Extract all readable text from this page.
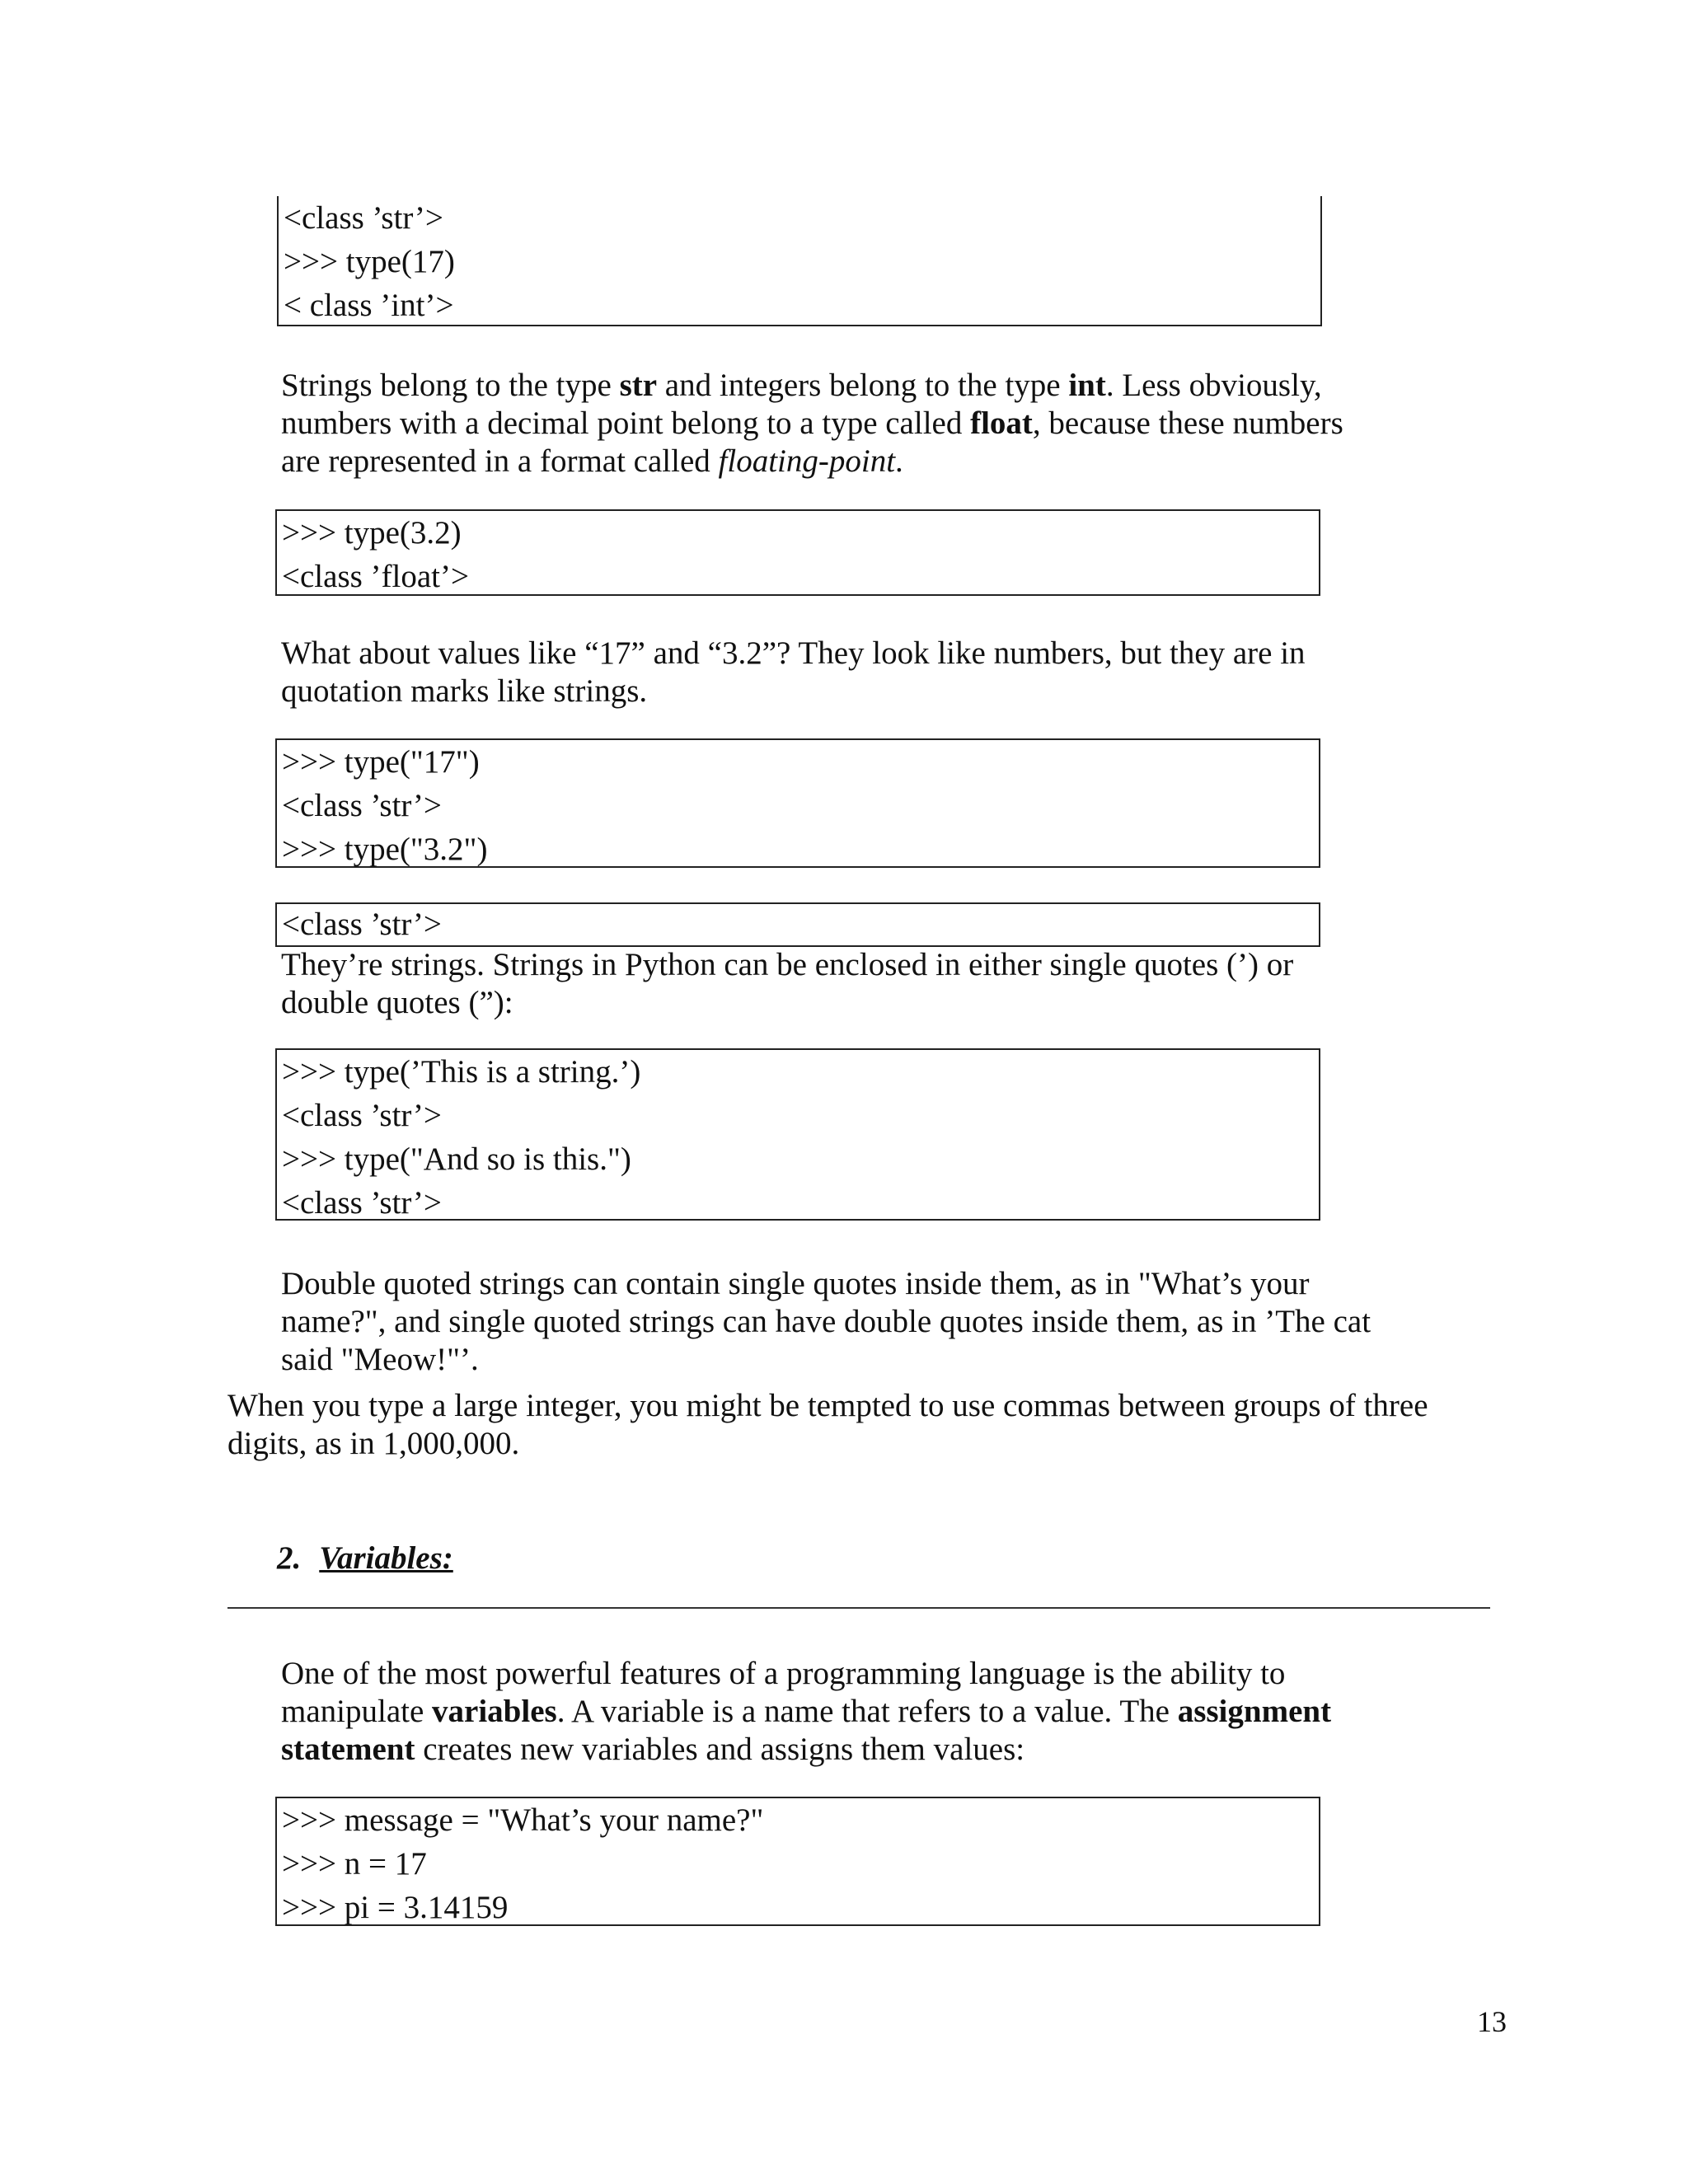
<class ’str’>
>>> type(17)
< class ’int’>

Strings belong to the type str and integers belong to the type int. Less obviously, numbers with a decimal point belong to a type called float, because these numbers are represented in a format called floating-point.

>>> type(3.2)
<class ’float’>

What about values like “17” and “3.2”? They look like numbers, but they are in quotation marks like strings.

>>> type("17")
<class ’str’>
>>> type("3.2")
<class ’str’>

They’re strings. Strings in Python can be enclosed in either single quotes (’) or double quotes (”):

>>> type(’This is a string.’)
<class ’str’>
>>> type("And so is this.")
<class ’str’>

Double quoted strings can contain single quotes inside them, as in "What’s your name?", and single quoted strings can have double quotes inside them, as in ’The cat said "Meow!"’.

When you type a large integer, you might be tempted to use commas between groups of three digits, as in 1,000,000.

2. Variables:

One of the most powerful features of a programming language is the ability to manipulate variables. A variable is a name that refers to a value. The assignment statement creates new variables and assigns them values:

>>> message = "What’s your name?"
>>> n = 17
>>> pi = 3.14159
13
